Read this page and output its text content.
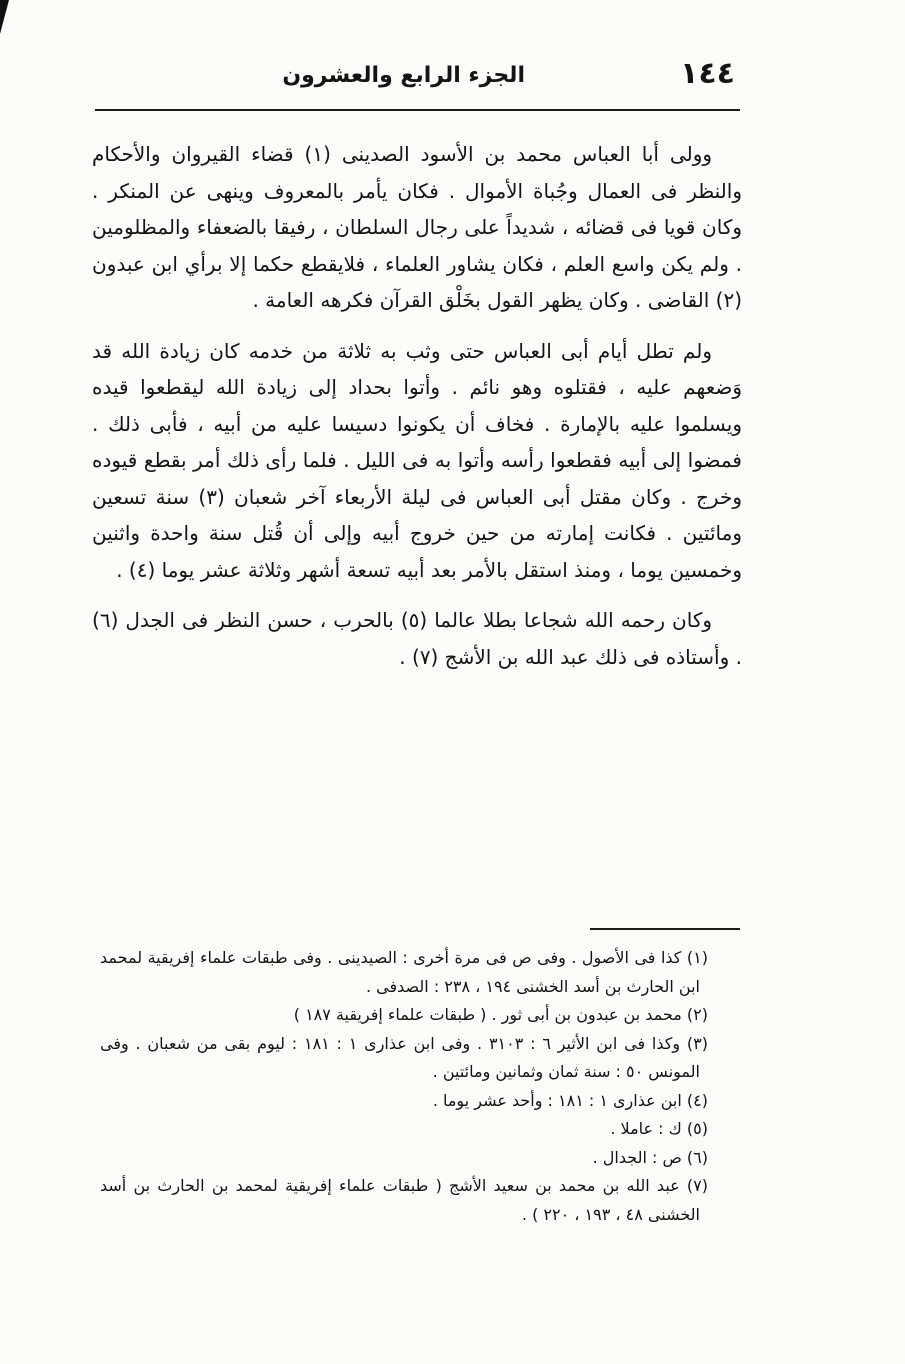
١٤٤
الجزء الرابع والعشرون

وولى أبا العباس محمد بن الأسود الصدينى (١) قضاء القيروان والأحكام والنظر فى العمال وجُباة الأموال . فكان يأمر بالمعروف وينهى عن المنكر . وكان قويا فى قضائه ، شديداً على رجال السلطان ، رفيقا بالضعفاء والمظلومين . ولم يكن واسع العلم ، فكان يشاور العلماء ، فلايقطع حكما إلا برأي ابن عبدون (٢) القاضى . وكان يظهر القول بخَلْق القرآن فكرهه العامة .

ولم تطل أيام أبى العباس حتى وثب به ثلاثة من خدمه كان زيادة الله قد وَضعهم عليه ، فقتلوه وهو نائم . وأتوا بحداد إلى زيادة الله ليقطعوا قيده ويسلموا عليه بالإمارة . فخاف أن يكونوا دسيسا عليه من أبيه ، فأبى ذلك . فمضوا إلى أبيه فقطعوا رأسه وأتوا به فى الليل . فلما رأى ذلك أمر بقطع قيوده وخرج . وكان مقتل أبى العباس فى ليلة الأربعاء آخر شعبان (٣) سنة تسعين ومائتين . فكانت إمارته من حين خروج أبيه وإلى أن قُتل سنة واحدة واثنين وخمسين يوما ، ومنذ استقل بالأمر بعد أبيه تسعة أشهر وثلاثة عشر يوما (٤) .

وكان رحمه الله شجاعا بطلا عالما (٥) بالحرب ، حسن النظر فى الجدل (٦) . وأستاذه فى ذلك عبد الله بن الأشج (٧) .

(١) كذا فى الأصول . وفى ص فى مرة أخرى : الصيدينى . وفى طبقات علماء إفريقية لمحمد ابن الحارث بن أسد الخشنى ١٩٤ ، ٢٣٨ : الصدفى .

(٢) محمد بن عبدون بن أبى ثور . ( طبقات علماء إفريقية ١٨٧ )

(٣) وكذا فى ابن الأثير ٦ : ٣١٠٣ . وفى ابن عذارى ١ : ١٨١ : ليوم بقى من شعبان . وفى المونس ٥٠ : سنة ثمان وثمانين ومائتين .

(٤) ابن عذارى ١ : ١٨١ : وأحد عشر يوما .

(٥) ك : عاملا .

(٦) ص : الجدال .

(٧) عبد الله بن محمد بن سعيد الأشج ( طبقات علماء إفريقية لمحمد بن الحارث بن أسد الخشنى ٤٨ ، ١٩٣ ، ٢٢٠ ) .
